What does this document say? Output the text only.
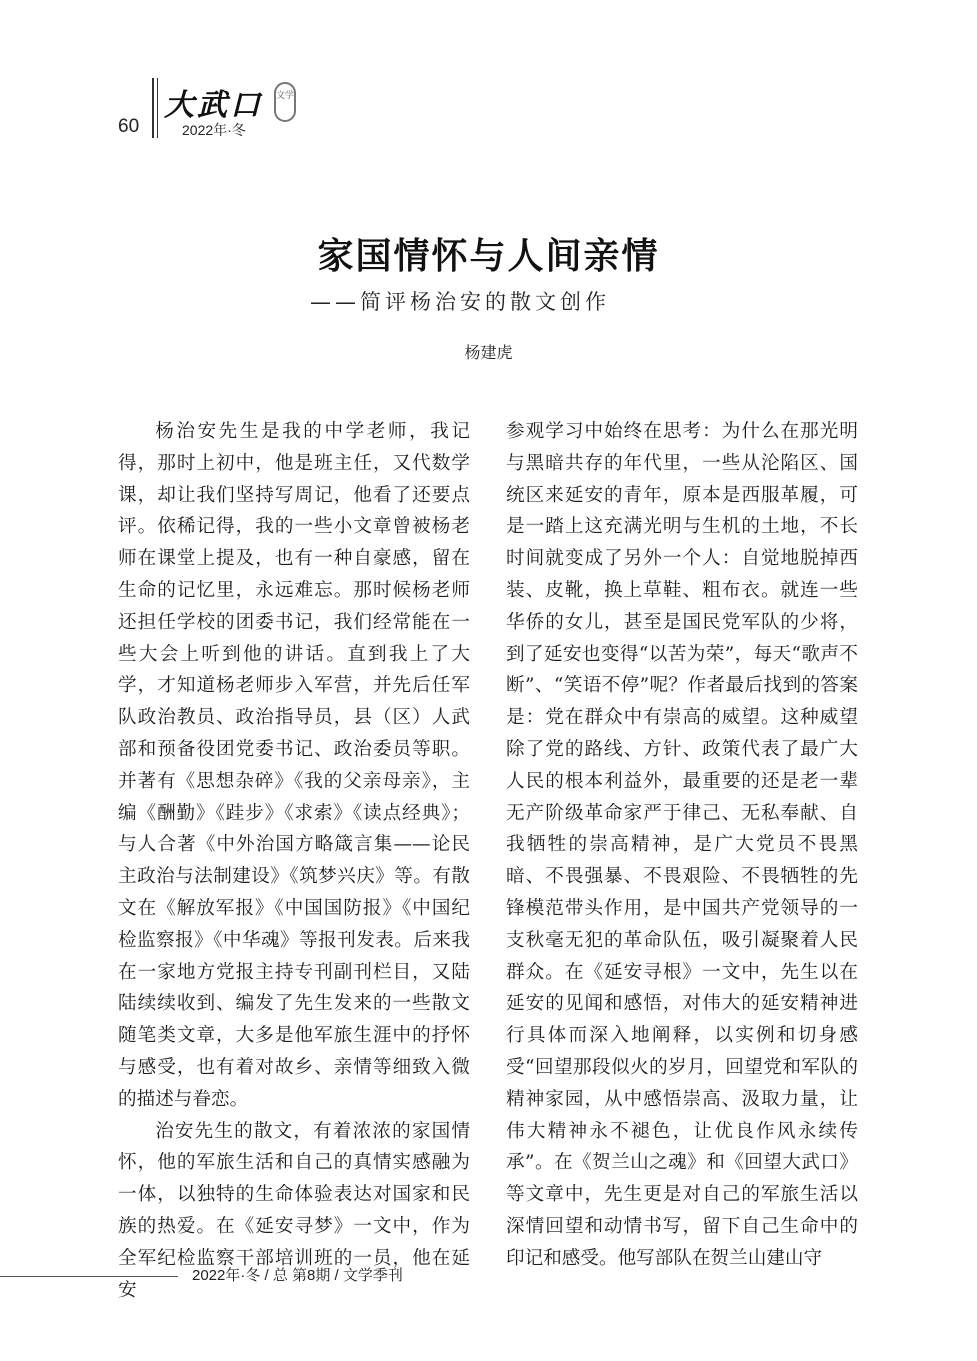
60
大武口 文学
2022年·冬
家国情怀与人间亲情
——简评杨治安的散文创作
杨建虎

杨治安先生是我的中学老师，我记得，那时上初中，他是班主任，又代数学课，却让我们坚持写周记，他看了还要点评。依稀记得，我的一些小文章曾被杨老师在课堂上提及，也有一种自豪感，留在生命的记忆里，永远难忘。那时候杨老师还担任学校的团委书记，我们经常能在一些大会上听到他的讲话。直到我上了大学，才知道杨老师步入军营，并先后任军队政治教员、政治指导员，县（区）人武部和预备役团党委书记、政治委员等职。并著有《思想杂碎》《我的父亲母亲》，主编《酬勤》《跬步》《求索》《读点经典》；与人合著《中外治国方略箴言集——论民主政治与法制建设》《筑梦兴庆》等。有散文在《解放军报》《中国国防报》《中国纪检监察报》《中华魂》等报刊发表。后来我在一家地方党报主持专刊副刊栏目，又陆陆续续收到、编发了先生发来的一些散文随笔类文章，大多是他军旅生涯中的抒怀与感受，也有着对故乡、亲情等细致入微的描述与眷恋。

治安先生的散文，有着浓浓的家国情怀，他的军旅生活和自己的真情实感融为一体，以独特的生命体验表达对国家和民族的热爱。在《延安寻梦》一文中，作为全军纪检监察干部培训班的一员，他在延安

参观学习中始终在思考：为什么在那光明与黑暗共存的年代里，一些从沦陷区、国统区来延安的青年，原本是西服革履，可是一踏上这充满光明与生机的土地，不长时间就变成了另外一个人：自觉地脱掉西装、皮靴，换上草鞋、粗布衣。就连一些华侨的女儿，甚至是国民党军队的少将，到了延安也变得“以苦为荣”，每天“歌声不断”、“笑语不停”呢？作者最后找到的答案是：党在群众中有崇高的威望。这种威望除了党的路线、方针、政策代表了最广大人民的根本利益外，最重要的还是老一辈无产阶级革命家严于律己、无私奉献、自我牺牲的崇高精神，是广大党员不畏黑暗、不畏强暴、不畏艰险、不畏牺牲的先锋模范带头作用，是中国共产党领导的一支秋毫无犯的革命队伍，吸引凝聚着人民群众。在《延安寻根》一文中，先生以在延安的见闻和感悟，对伟大的延安精神进行具体而深入地阐释，以实例和切身感受“回望那段似火的岁月，回望党和军队的精神家园，从中感悟崇高、汲取力量，让伟大精神永不褪色，让优良作风永续传承”。在《贺兰山之魂》和《回望大武口》等文章中，先生更是对自己的军旅生活以深情回望和动情书写，留下自己生命中的印记和感受。他写部队在贺兰山建山守

2022年·冬 / 总 第8期 / 文学季刊
